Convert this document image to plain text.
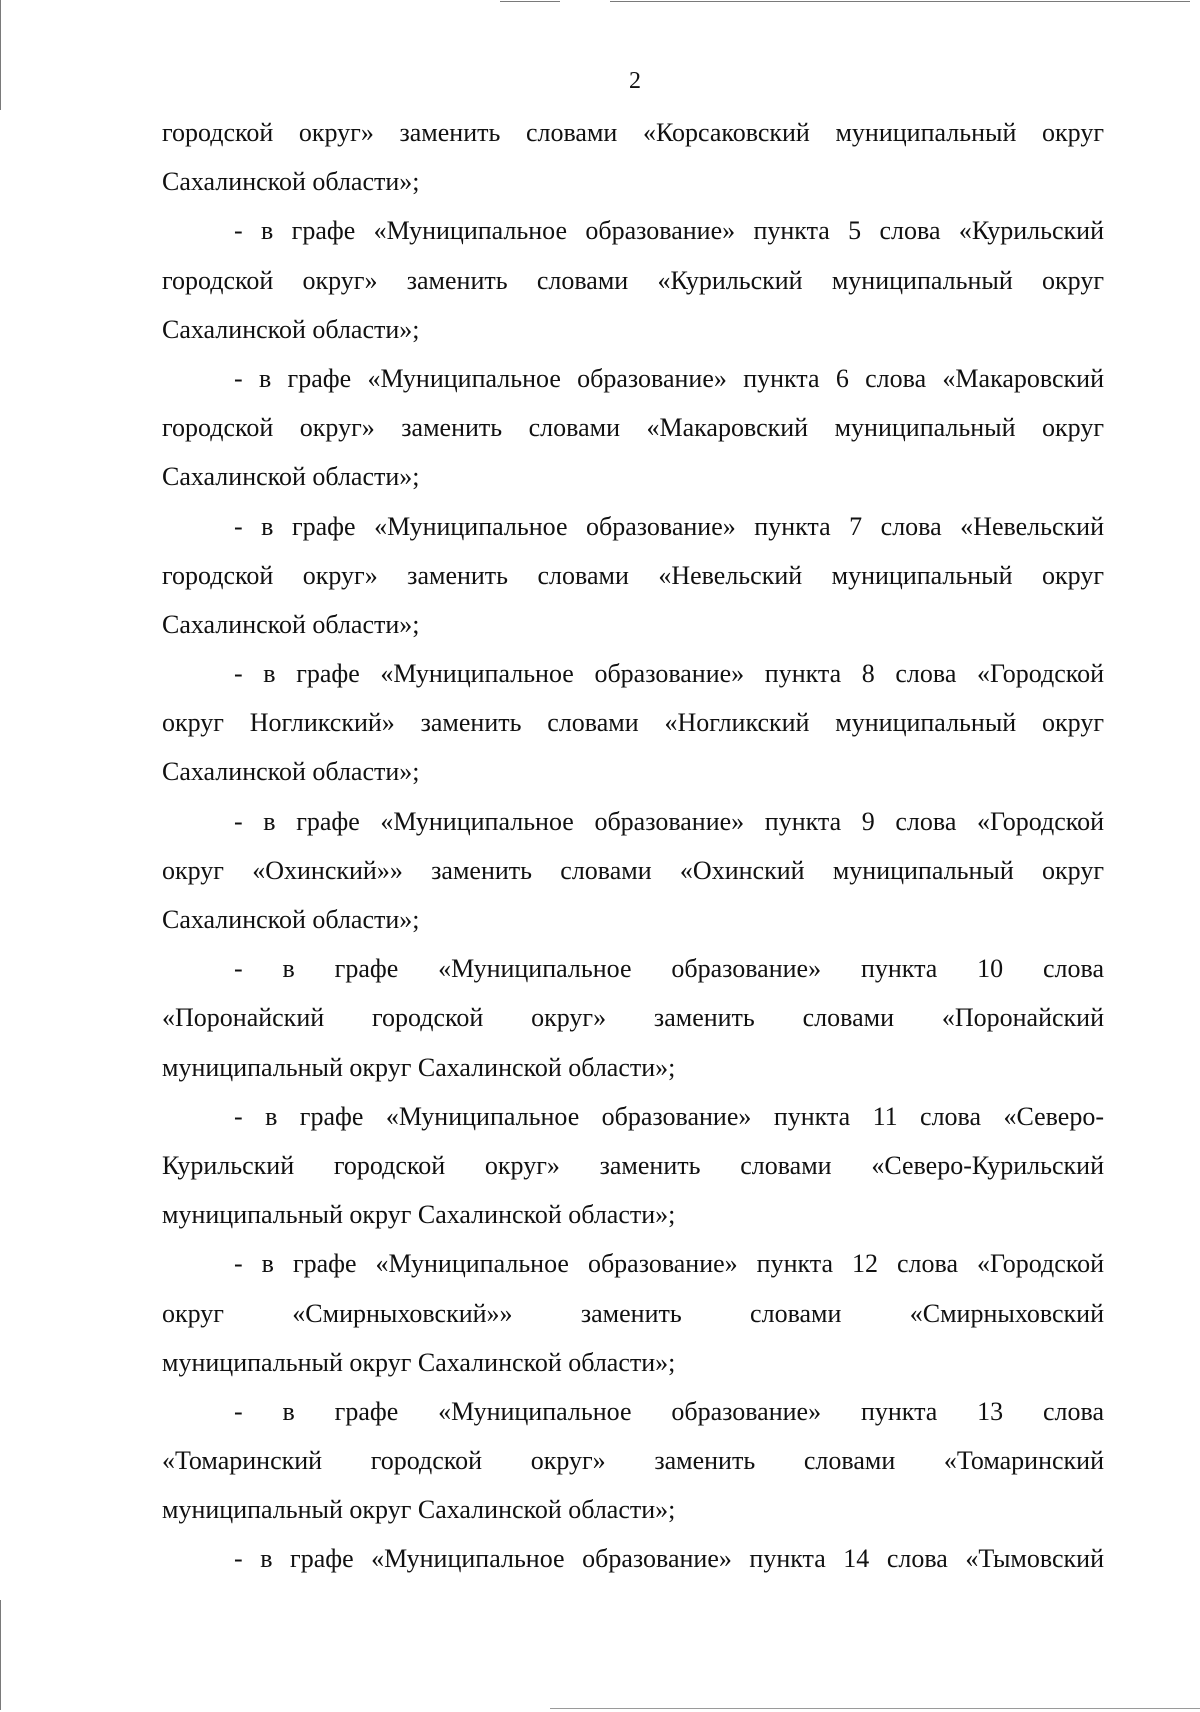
2
городской округ» заменить словами «Корсаковский муниципальный округ
Сахалинской области»;
- в графе «Муниципальное образование» пункта 5 слова «Курильский
городской округ» заменить словами «Курильский муниципальный округ
Сахалинской области»;
- в графе «Муниципальное образование» пункта 6 слова «Макаровский
городской округ» заменить словами «Макаровский муниципальный округ
Сахалинской области»;
- в графе «Муниципальное образование» пункта 7 слова «Невельский
городской округ» заменить словами «Невельский муниципальный округ
Сахалинской области»;
- в графе «Муниципальное образование» пункта 8 слова «Городской
округ Ногликский» заменить словами «Ногликский муниципальный округ
Сахалинской области»;
- в графе «Муниципальное образование» пункта 9 слова «Городской
округ «Охинский»» заменить словами «Охинский муниципальный округ
Сахалинской области»;
- в графе «Муниципальное образование» пункта 10 слова
«Поронайский городской округ» заменить словами «Поронайский
муниципальный округ Сахалинской области»;
- в графе «Муниципальное образование» пункта 11 слова «Северо-
Курильский городской округ» заменить словами «Северо-Курильский
муниципальный округ Сахалинской области»;
- в графе «Муниципальное образование» пункта 12 слова «Городской
округ «Смирныховский»» заменить словами «Смирныховский
муниципальный округ Сахалинской области»;
- в графе «Муниципальное образование» пункта 13 слова
«Томаринский городской округ» заменить словами «Томаринский
муниципальный округ Сахалинской области»;
- в графе «Муниципальное образование» пункта 14 слова «Тымовский
